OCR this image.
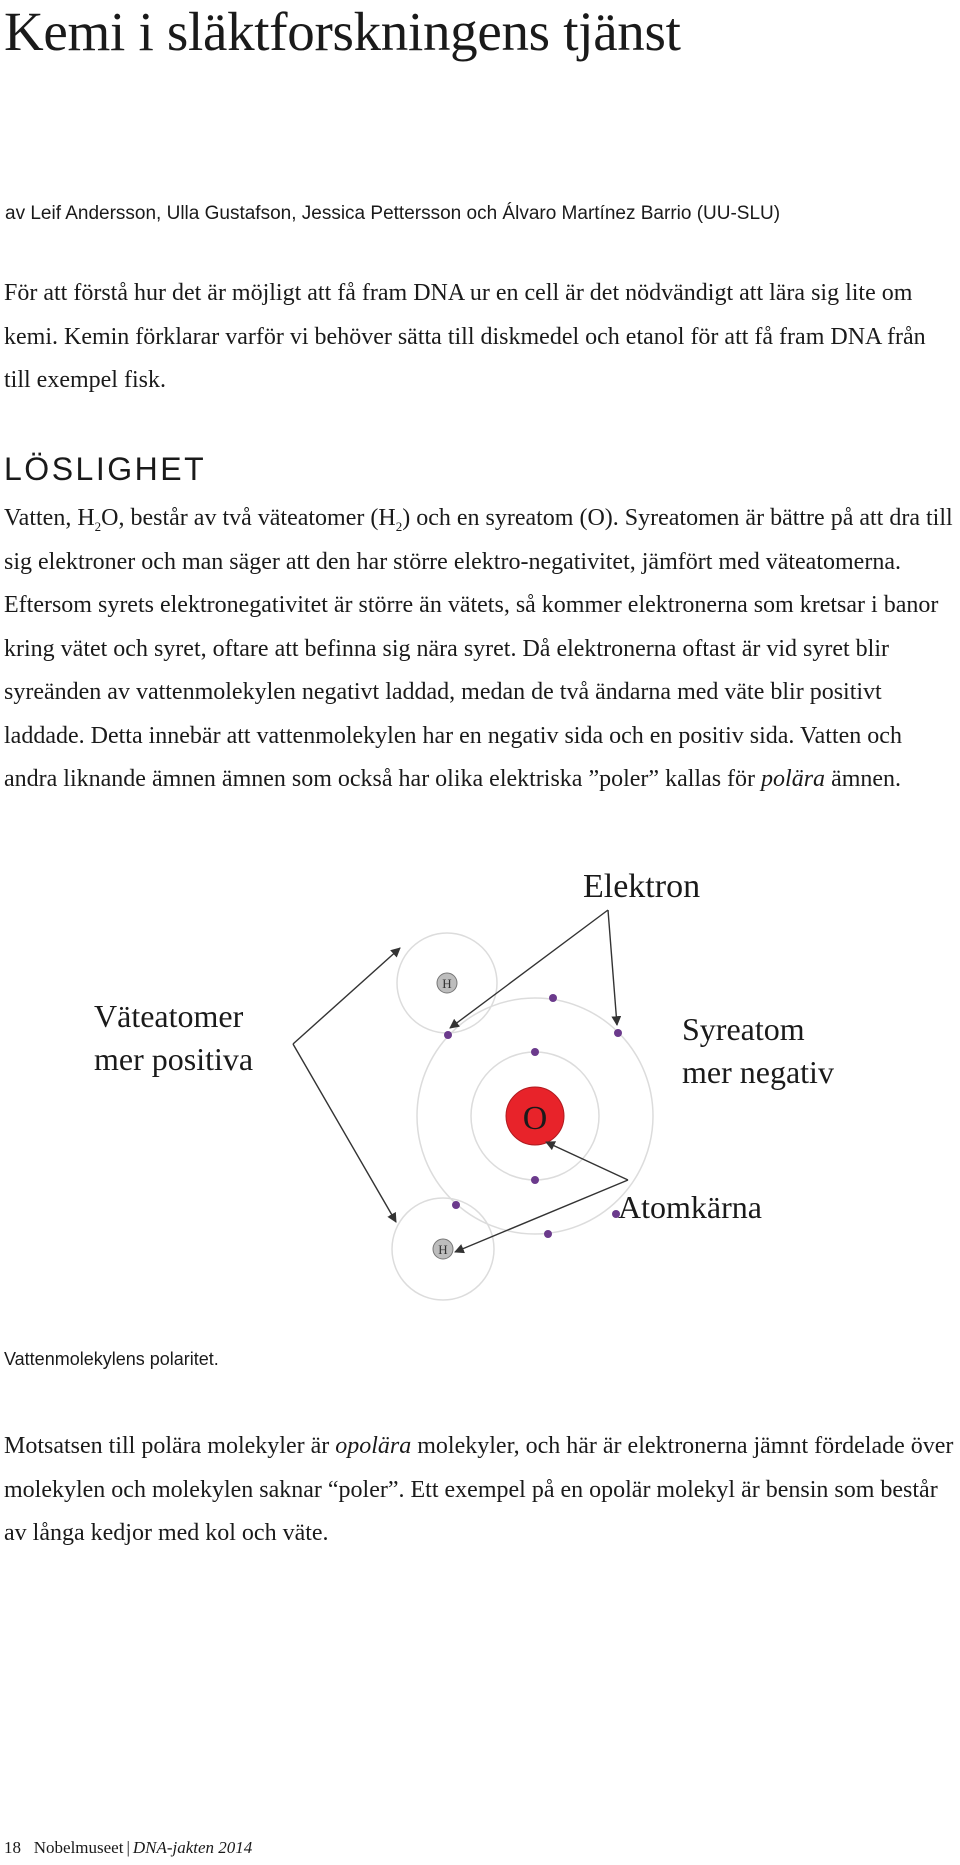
Kemi i släktforskningens tjänst
av Leif Andersson, Ulla Gustafson, Jessica Pettersson och Álvaro Martínez Barrio (UU-SLU)

För att förstå hur det är möjligt att få fram DNA ur en cell är det nödvändigt att lära sig lite om kemi. Kemin förklarar varför vi behöver sätta till diskmedel och etanol för att få fram DNA från till exempel fisk.

LÖSLIGHET

Vatten, $H_2O$, består av två väteatomer $(H_2)$ och en syreatom (O). Syreatomen är bättre på att dra till sig elektroner och man säger att den har större elektro-negativitet, jämfört med väteatomerna. Eftersom syrets elektronegativitet är större än vätets, så kommer elektronerna som kretsar i banor kring vätet och syret, oftare att befinna sig nära syret. Då elektronerna oftast är vid syret blir syreänden av vattenmolekylen negativt laddad, medan de två ändarna med väte blir positivt laddade. Detta innebär att vattenmolekylen har en negativ sida och en positiv sida. Vatten och andra liknande ämnen ämnen som också har olika elektriska ”poler” kallas för polära ämnen.

H
H
O
Elektron
Väteatomer
mer positiva
Syreatom
mer negativ
Atomkärna
Vattenmolekylens polaritet.

Motsatsen till polära molekyler är opolära molekyler, och här är elektronerna jämnt fördelade över molekylen och molekylen saknar “poler”. Ett exempel på en opolär molekyl är bensin som består av långa kedjor med kol och väte.

18 Nobelmuseet | DNA-jakten 2014
